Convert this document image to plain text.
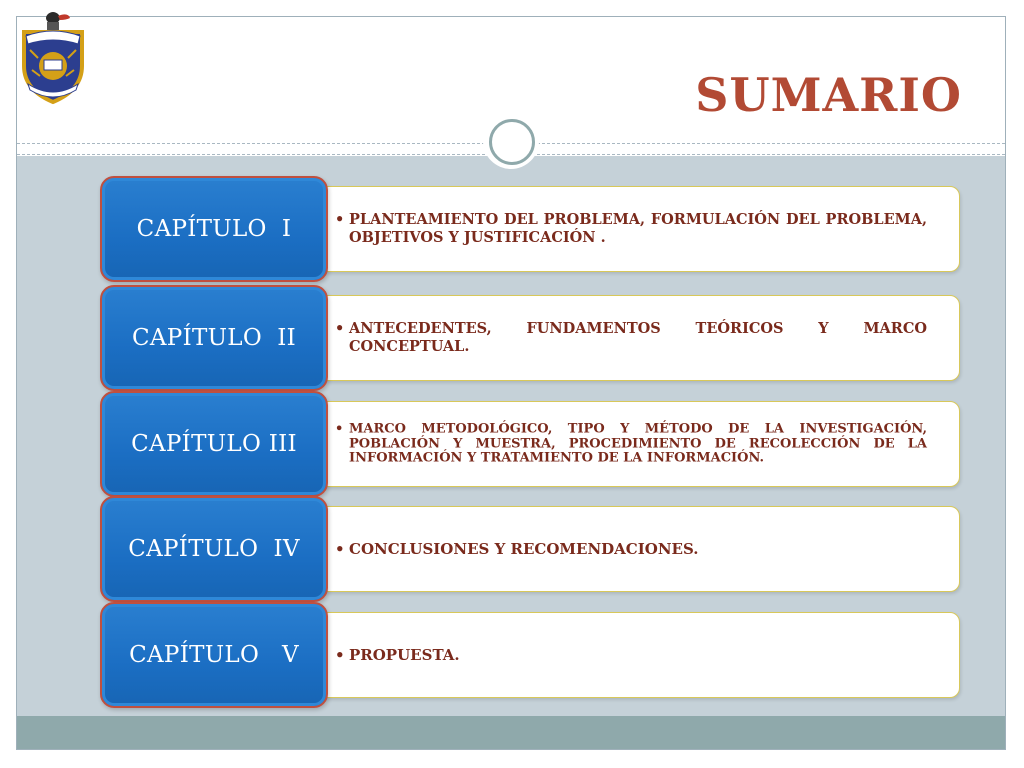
SUMARIO
• PLANTEAMIENTO DEL PROBLEMA, FORMULACIÓN DEL PROBLEMA, OBJETIVOS Y JUSTIFICACIÓN .
CAPÍTULO  I
• ANTECEDENTES, FUNDAMENTOS TEÓRICOS Y MARCO CONCEPTUAL.
CAPÍTULO  II
• MARCO METODOLÓGICO, TIPO Y MÉTODO DE LA INVESTIGACIÓN, POBLACIÓN Y MUESTRA, PROCEDIMIENTO DE RECOLECCIÓN DE LA INFORMACIÓN Y TRATAMIENTO DE LA INFORMACIÓN.
CAPÍTULO III
• CONCLUSIONES Y RECOMENDACIONES.
CAPÍTULO  IV
• PROPUESTA.
CAPÍTULO   V
